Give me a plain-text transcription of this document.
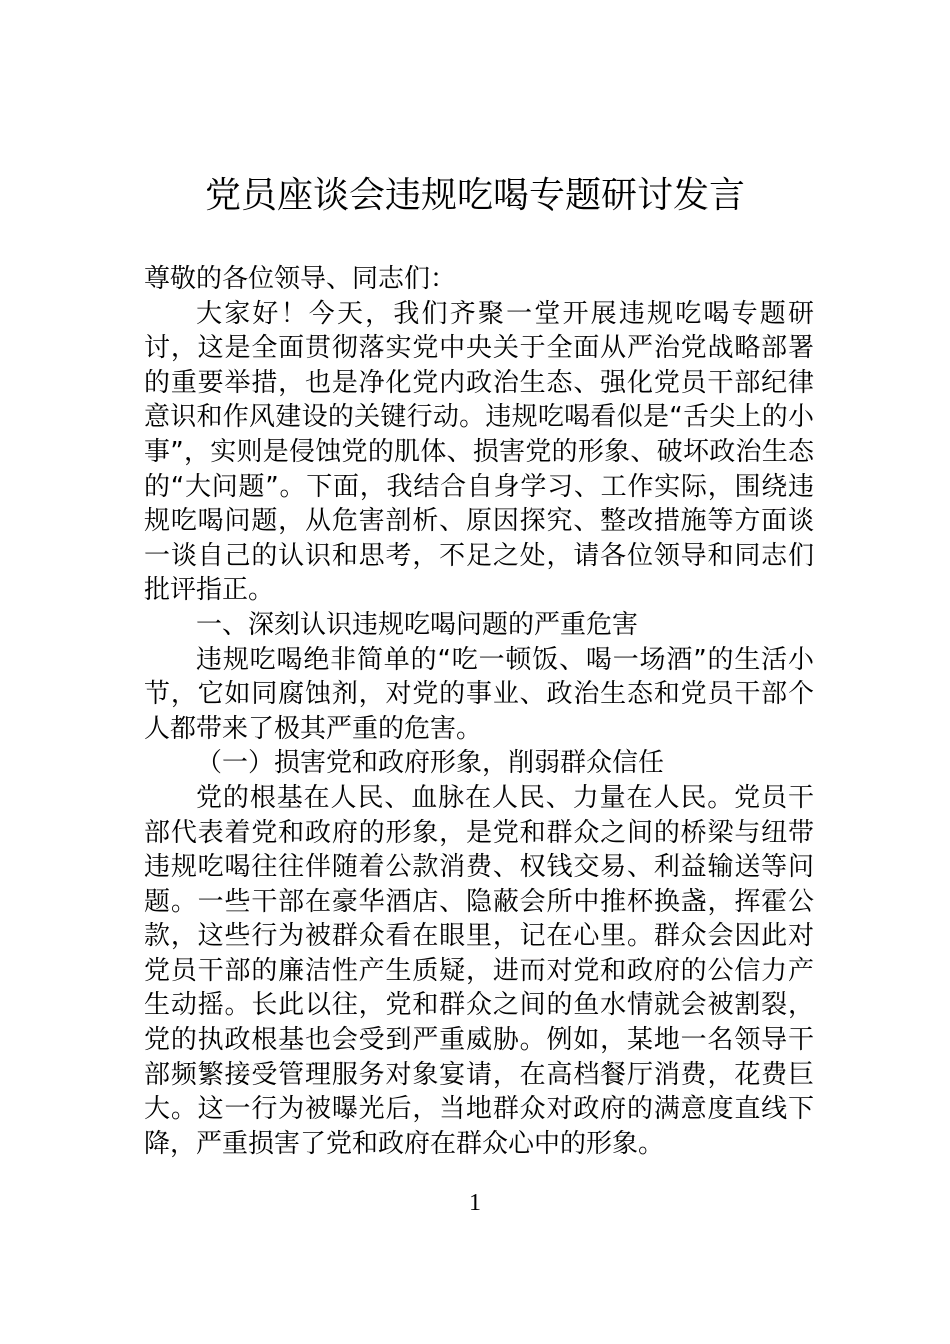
党员座谈会违规吃喝专题研讨发言

尊敬的各位领导、同志们：

大家好！今天，我们齐聚一堂开展违规吃喝专题研讨，这是全面贯彻落实党中央关于全面从严治党战略部署的重要举措，也是净化党内政治生态、强化党员干部纪律意识和作风建设的关键行动。违规吃喝看似是“舌尖上的小事”，实则是侵蚀党的肌体、损害党的形象、破坏政治生态的“大问题”。下面，我结合自身学习、工作实际，围绕违规吃喝问题，从危害剖析、原因探究、整改措施等方面谈一谈自己的认识和思考，不足之处，请各位领导和同志们批评指正。

一、深刻认识违规吃喝问题的严重危害

违规吃喝绝非简单的“吃一顿饭、喝一场酒”的生活小节，它如同腐蚀剂，对党的事业、政治生态和党员干部个人都带来了极其严重的危害。

（一）损害党和政府形象，削弱群众信任

党的根基在人民、血脉在人民、力量在人民。党员干部代表着党和政府的形象，是党和群众之间的桥梁与纽带违规吃喝往往伴随着公款消费、权钱交易、利益输送等问题。一些干部在豪华酒店、隐蔽会所中推杯换盏，挥霍公款，这些行为被群众看在眼里，记在心里。群众会因此对党员干部的廉洁性产生质疑，进而对党和政府的公信力产生动摇。长此以往，党和群众之间的鱼水情就会被割裂，党的执政根基也会受到严重威胁。例如，某地一名领导干部频繁接受管理服务对象宴请，在高档餐厅消费，花费巨大。这一行为被曝光后，当地群众对政府的满意度直线下降，严重损害了党和政府在群众心中的形象。

1
